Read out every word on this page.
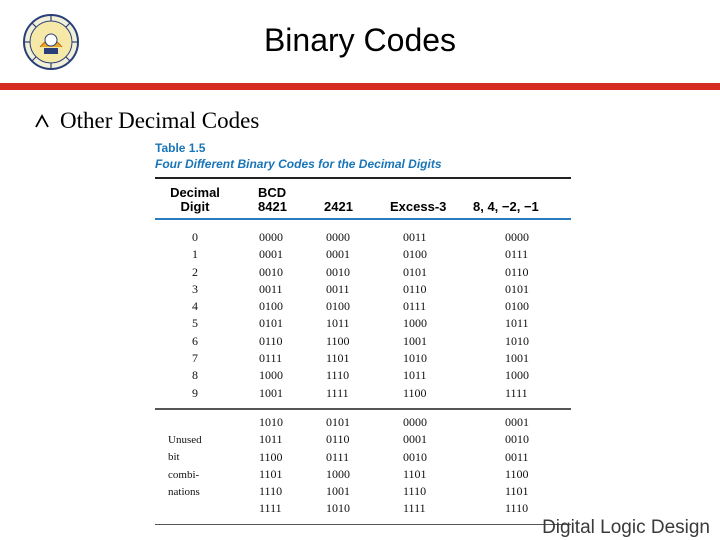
Binary Codes
Other Decimal Codes
Table 1.5
Four Different Binary Codes for the Decimal Digits
Decimal
Digit
BCD
8421	2421	Excess-3 8, 4, −2, −1
0
1
2
3
4
5
6
7
8
9
0000
0001
0010
0011
0100
0101
0110
0111
1000
1001
0000
0001
0010
0011
0100
1011
1100
1101
1110
1111
0011
0100
0101
0110
0111
1000
1001
1010
1011
1100
0000
0111
0110
0101
0100
1011
1010
1001
1000
1111
Unused
bit
combi-
nations
1010
1011
1100
1101
1110
1111
0101
0110
0111
1000
1001
1010
0000
0001
0010
1101
1110
1111
0001
0010
0011
1100
1101
1110
Digital Logic Design
